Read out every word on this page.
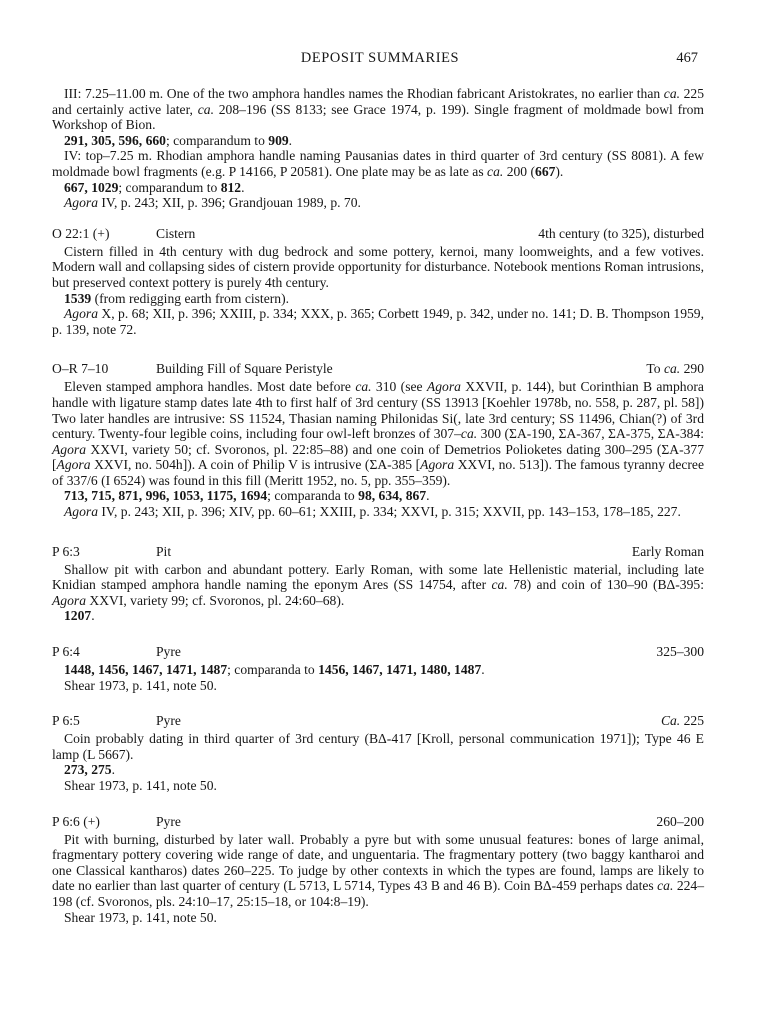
DEPOSIT SUMMARIES	467

III: 7.25–11.00 m. One of the two amphora handles names the Rhodian fabricant Aristokrates, no earlier than ca. 225 and certainly active later, ca. 208–196 (SS 8133; see Grace 1974, p. 199). Single fragment of moldmade bowl from Workshop of Bion.

291, 305, 596, 660; comparandum to 909.

IV: top–7.25 m. Rhodian amphora handle naming Pausanias dates in third quarter of 3rd century (SS 8081). A few moldmade bowl fragments (e.g. P 14166, P 20581). One plate may be as late as ca. 200 (667).

667, 1029; comparandum to 812.

Agora IV, p. 243; XII, p. 396; Grandjouan 1989, p. 70.

O 22:1 (+)	Cistern	4th century (to 325), disturbed

Cistern filled in 4th century with dug bedrock and some pottery, kernoi, many loomweights, and a few votives. Modern wall and collapsing sides of cistern provide opportunity for disturbance. Notebook mentions Roman intrusions, but preserved context pottery is purely 4th century.

1539 (from redigging earth from cistern).

Agora X, p. 68; XII, p. 396; XXIII, p. 334; XXX, p. 365; Corbett 1949, p. 342, under no. 141; D. B. Thompson 1959, p. 139, note 72.

O–R 7–10	Building Fill of Square Peristyle	To ca. 290

Eleven stamped amphora handles. Most date before ca. 310 (see Agora XXVII, p. 144), but Corinthian B amphora handle with ligature stamp dates late 4th to first half of 3rd century (SS 13913 [Koehler 1978b, no. 558, p. 287, pl. 58]) Two later handles are intrusive: SS 11524, Thasian naming Philonidas Si(, late 3rd century; SS 11496, Chian(?) of 3rd century. Twenty-four legible coins, including four owl-left bronzes of 307–ca. 300 (ΣA-190, ΣA-367, ΣA-375, ΣA-384: Agora XXVI, variety 50; cf. Svoronos, pl. 22:85–88) and one coin of Demetrios Polioketes dating 300–295 (ΣA-377 [Agora XXVI, no. 504h]). A coin of Philip V is intrusive (ΣA-385 [Agora XXVI, no. 513]). The famous tyranny decree of 337/6 (I 6524) was found in this fill (Meritt 1952, no. 5, pp. 355–359).

713, 715, 871, 996, 1053, 1175, 1694; comparanda to 98, 634, 867.

Agora IV, p. 243; XII, p. 396; XIV, pp. 60–61; XXIII, p. 334; XXVI, p. 315; XXVII, pp. 143–153, 178–185, 227.

P 6:3	Pit	Early Roman

Shallow pit with carbon and abundant pottery. Early Roman, with some late Hellenistic material, including late Knidian stamped amphora handle naming the eponym Ares (SS 14754, after ca. 78) and coin of 130–90 (BΔ-395: Agora XXVI, variety 99; cf. Svoronos, pl. 24:60–68).

1207.

P 6:4	Pyre	325–300

1448, 1456, 1467, 1471, 1487; comparanda to 1456, 1467, 1471, 1480, 1487.

Shear 1973, p. 141, note 50.

P 6:5	Pyre	Ca. 225

Coin probably dating in third quarter of 3rd century (BΔ-417 [Kroll, personal communication 1971]); Type 46 E lamp (L 5667).

273, 275.

Shear 1973, p. 141, note 50.

P 6:6 (+)	Pyre	260–200

Pit with burning, disturbed by later wall. Probably a pyre but with some unusual features: bones of large animal, fragmentary pottery covering wide range of date, and unguentaria. The fragmentary pottery (two baggy kantharoi and one Classical kantharos) dates 260–225. To judge by other contexts in which the types are found, lamps are likely to date no earlier than last quarter of century (L 5713, L 5714, Types 43 B and 46 B). Coin BΔ-459 perhaps dates ca. 224–198 (cf. Svoronos, pls. 24:10–17, 25:15–18, or 104:8–19).

Shear 1973, p. 141, note 50.
